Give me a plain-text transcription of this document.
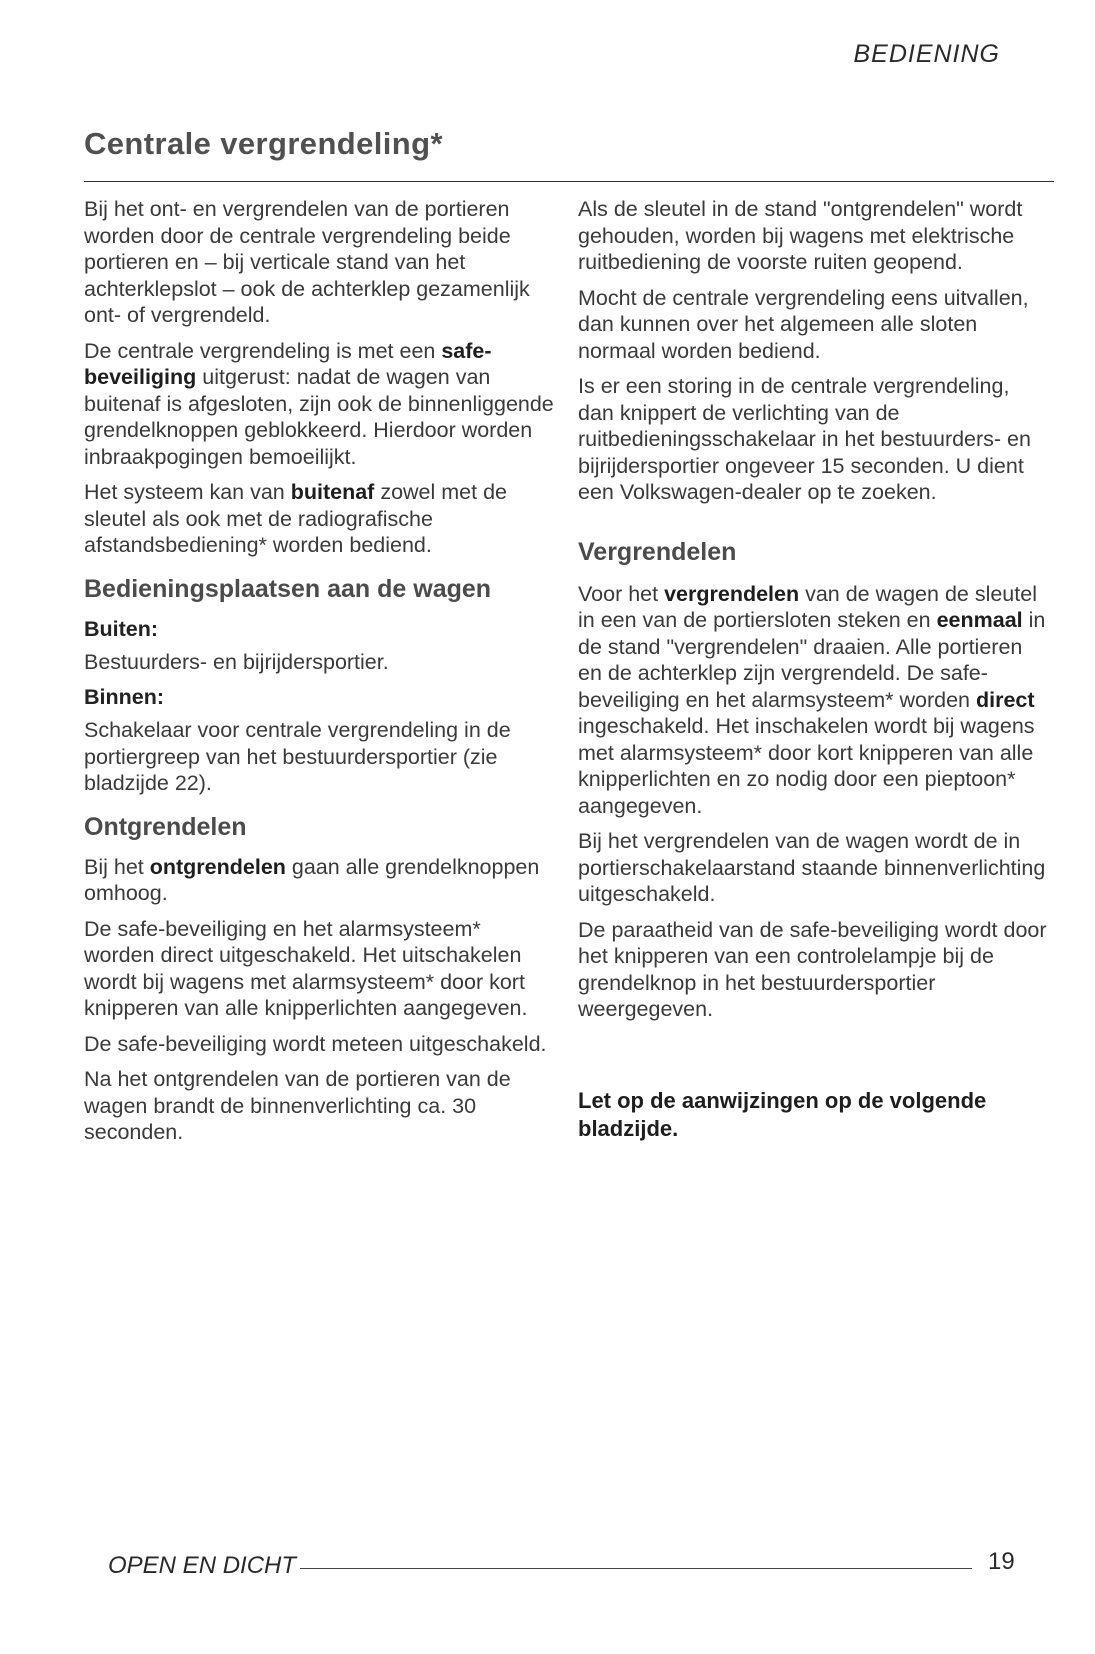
BEDIENING
Centrale vergrendeling*

Bij het ont- en vergrendelen van de portieren worden door de centrale vergrendeling beide portieren en – bij verticale stand van het achterklepslot – ook de achterklep gezamenlijk ont- of vergrendeld.

De centrale vergrendeling is met een safe-beveiliging uitgerust: nadat de wagen van buitenaf is afgesloten, zijn ook de binnenliggende grendelknoppen geblokkeerd. Hierdoor worden inbraakpogingen bemoeilijkt.

Het systeem kan van buitenaf zowel met de sleutel als ook met de radiografische afstandsbediening* worden bediend.

Bedieningsplaatsen aan de wagen
Buiten:

Bestuurders- en bijrijdersportier.

Binnen:

Schakelaar voor centrale vergrendeling in de portiergreep van het bestuurdersportier (zie bladzijde 22).

Ontgrendelen

Bij het ontgrendelen gaan alle grendelknoppen omhoog.

De safe-beveiliging en het alarmsysteem* worden direct uitgeschakeld. Het uitschakelen wordt bij wagens met alarmsysteem* door kort knipperen van alle knipperlichten aangegeven.

De safe-beveiliging wordt meteen uitgeschakeld.

Na het ontgrendelen van de portieren van de wagen brandt de binnenverlichting ca. 30 seconden.

Als de sleutel in de stand "ontgrendelen" wordt gehouden, worden bij wagens met elektrische ruitbediening de voorste ruiten geopend.

Mocht de centrale vergrendeling eens uitvallen, dan kunnen over het algemeen alle sloten normaal worden bediend.

Is er een storing in de centrale vergrendeling, dan knippert de verlichting van de ruitbedieningsschakelaar in het bestuurders- en bijrijdersportier ongeveer 15 seconden. U dient een Volkswagen-dealer op te zoeken.

Vergrendelen

Voor het vergrendelen van de wagen de sleutel in een van de portiersloten steken en eenmaal in de stand "vergrendelen" draaien. Alle portieren en de achterklep zijn vergrendeld. De safe-beveiliging en het alarmsysteem* worden direct ingeschakeld. Het inschakelen wordt bij wagens met alarmsysteem* door kort knipperen van alle knipperlichten en zo nodig door een pieptoon* aangegeven.

Bij het vergrendelen van de wagen wordt de in portierschakelaarstand staande binnenverlichting uitgeschakeld.

De paraatheid van de safe-beveiliging wordt door het knipperen van een controlelampje bij de grendelknop in het bestuurdersportier weergegeven.

Let op de aanwijzingen op de volgende bladzijde.
OPEN EN DICHT	19
